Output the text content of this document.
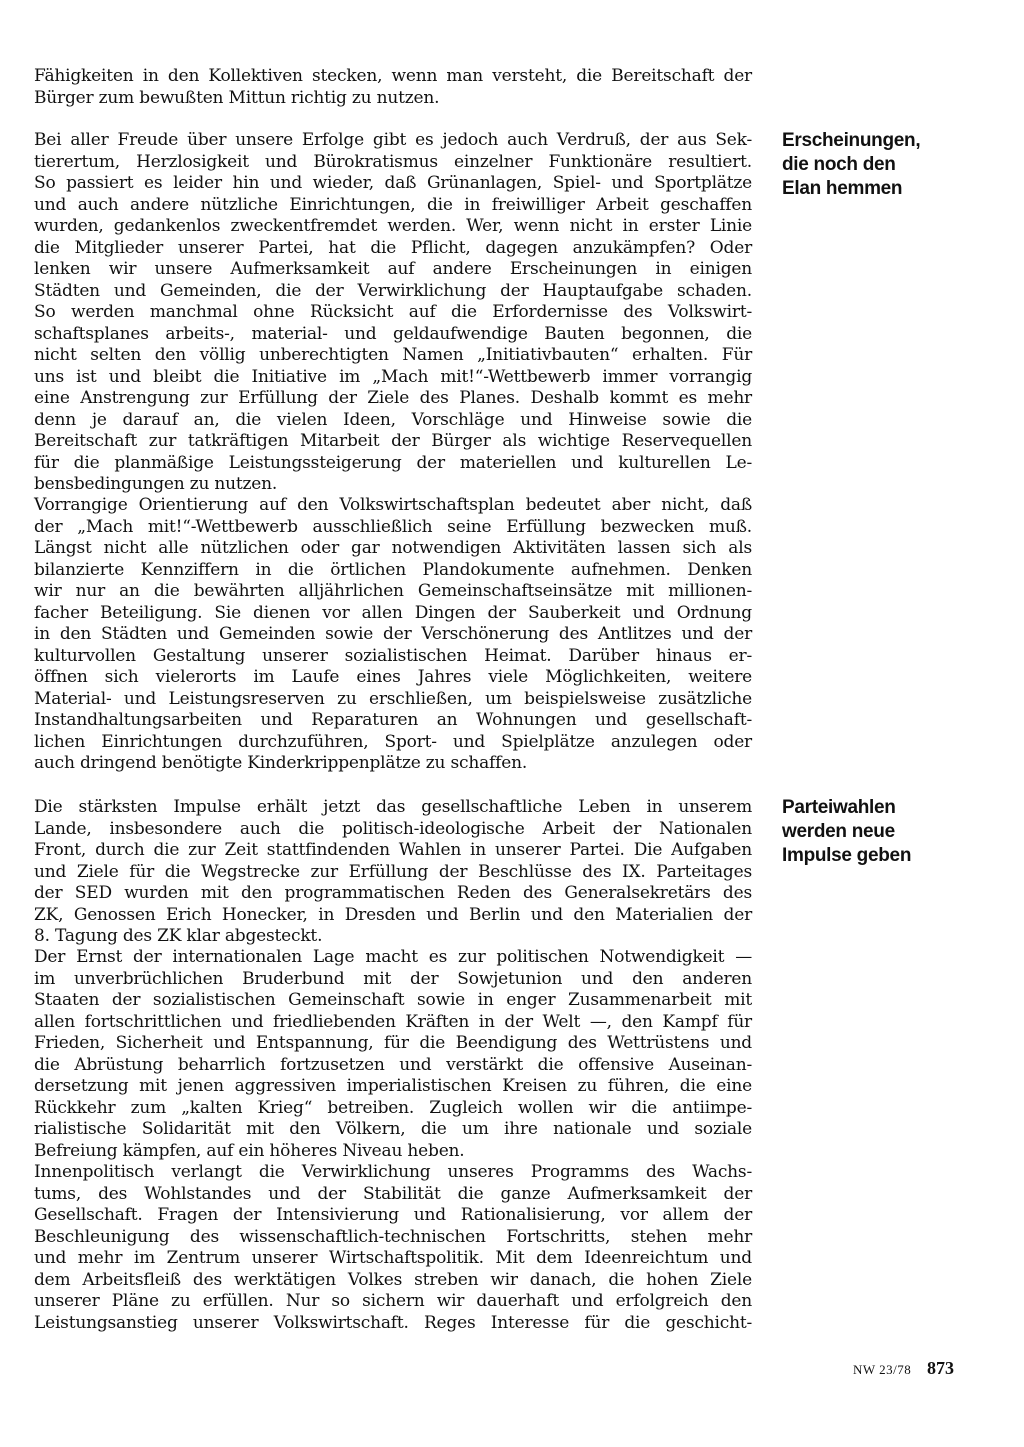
Fähigkeiten in den Kollektiven stecken, wenn man versteht, die Bereitschaft der
Bürger zum bewußten Mittun richtig zu nutzen.
Bei aller Freude über unsere Erfolge gibt es jedoch auch Verdruß, der aus Sek-
tierertum, Herzlosigkeit und Bürokratismus einzelner Funktionäre resultiert.
So passiert es leider hin und wieder, daß Grünanlagen, Spiel- und Sportplätze
und auch andere nützliche Einrichtungen, die in freiwilliger Arbeit geschaffen
wurden, gedankenlos zweckentfremdet werden. Wer, wenn nicht in erster Linie
die Mitglieder unserer Partei, hat die Pflicht, dagegen anzukämpfen? Oder
lenken wir unsere Aufmerksamkeit auf andere Erscheinungen in einigen
Städten und Gemeinden, die der Verwirklichung der Hauptaufgabe schaden.
So werden manchmal ohne Rücksicht auf die Erfordernisse des Volkswirt-
schaftsplanes arbeits-, material- und geldaufwendige Bauten begonnen, die
nicht selten den völlig unberechtigten Namen „Initiativbauten“ erhalten. Für
uns ist und bleibt die Initiative im „Mach mit!“-Wettbewerb immer vorrangig
eine Anstrengung zur Erfüllung der Ziele des Planes. Deshalb kommt es mehr
denn je darauf an, die vielen Ideen, Vorschläge und Hinweise sowie die
Bereitschaft zur tatkräftigen Mitarbeit der Bürger als wichtige Reservequellen
für die planmäßige Leistungssteigerung der materiellen und kulturellen Le-
bensbedingungen zu nutzen.
Vorrangige Orientierung auf den Volkswirtschaftsplan bedeutet aber nicht, daß
der „Mach mit!“-Wettbewerb ausschließlich seine Erfüllung bezwecken muß.
Längst nicht alle nützlichen oder gar notwendigen Aktivitäten lassen sich als
bilanzierte Kennziffern in die örtlichen Plandokumente aufnehmen. Denken
wir nur an die bewährten alljährlichen Gemeinschaftseinsätze mit millionen-
facher Beteiligung. Sie dienen vor allen Dingen der Sauberkeit und Ordnung
in den Städten und Gemeinden sowie der Verschönerung des Antlitzes und der
kulturvollen Gestaltung unserer sozialistischen Heimat. Darüber hinaus er-
öffnen sich vielerorts im Laufe eines Jahres viele Möglichkeiten, weitere
Material- und Leistungsreserven zu erschließen, um beispielsweise zusätzliche
Instandhaltungsarbeiten und Reparaturen an Wohnungen und gesellschaft-
lichen Einrichtungen durchzuführen, Sport- und Spielplätze anzulegen oder
auch dringend benötigte Kinderkrippenplätze zu schaffen.
Die stärksten Impulse erhält jetzt das gesellschaftliche Leben in unserem
Lande, insbesondere auch die politisch-ideologische Arbeit der Nationalen
Front, durch die zur Zeit stattfindenden Wahlen in unserer Partei. Die Aufgaben
und Ziele für die Wegstrecke zur Erfüllung der Beschlüsse des IX. Parteitages
der SED wurden mit den programmatischen Reden des Generalsekretärs des
ZK, Genossen Erich Honecker, in Dresden und Berlin und den Materialien der
8. Tagung des ZK klar abgesteckt.
Der Ernst der internationalen Lage macht es zur politischen Notwendigkeit —
im unverbrüchlichen Bruderbund mit der Sowjetunion und den anderen
Staaten der sozialistischen Gemeinschaft sowie in enger Zusammenarbeit mit
allen fortschrittlichen und friedliebenden Kräften in der Welt —, den Kampf für
Frieden, Sicherheit und Entspannung, für die Beendigung des Wettrüstens und
die Abrüstung beharrlich fortzusetzen und verstärkt die offensive Auseinan-
dersetzung mit jenen aggressiven imperialistischen Kreisen zu führen, die eine
Rückkehr zum „kalten Krieg“ betreiben. Zugleich wollen wir die antiimpe-
rialistische Solidarität mit den Völkern, die um ihre nationale und soziale
Befreiung kämpfen, auf ein höheres Niveau heben.
Innenpolitisch verlangt die Verwirklichung unseres Programms des Wachs-
tums, des Wohlstandes und der Stabilität die ganze Aufmerksamkeit der
Gesellschaft. Fragen der Intensivierung und Rationalisierung, vor allem der
Beschleunigung des wissenschaftlich-technischen Fortschritts, stehen mehr
und mehr im Zentrum unserer Wirtschaftspolitik. Mit dem Ideenreichtum und
dem Arbeitsfleiß des werktätigen Volkes streben wir danach, die hohen Ziele
unserer Pläne zu erfüllen. Nur so sichern wir dauerhaft und erfolgreich den
Leistungsanstieg unserer Volkswirtschaft. Reges Interesse für die geschicht-
Erscheinungen,
die noch den
Elan hemmen
Parteiwahlen
werden neue
Impulse geben
NW 23/78 873
